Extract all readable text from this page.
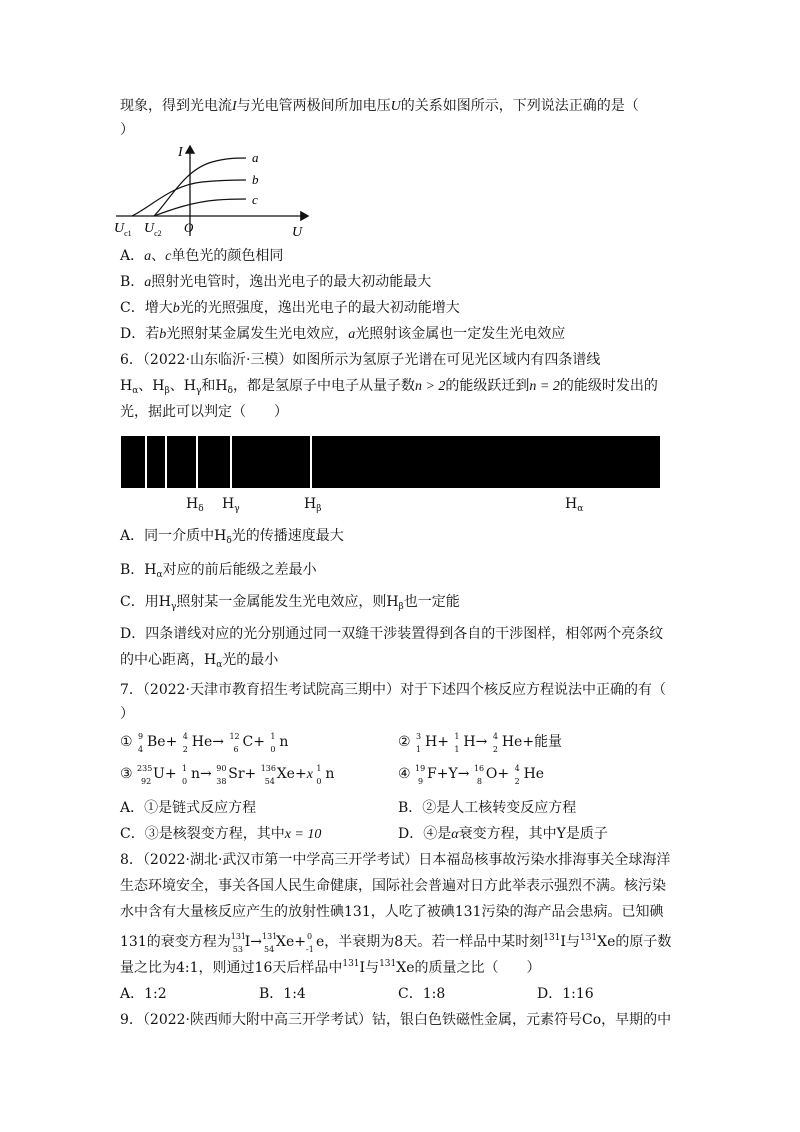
现象，得到光电流I与光电管两极间所加电压U的关系如图所示，下列说法正确的是（
）
I
U
a
b
c
O
$U_{c1}$ $U_{c2}$
A．a、c单色光的颜色相同
B．a照射光电管时，逸出光电子的最大初动能最大
C．增大b光的光照强度，逸出光电子的最大初动能增大
D．若b光照射某金属发生光电效应，a光照射该金属也一定发生光电效应
6．（2022·山东临沂·三模）如图所示为氢原子光谱在可见光区域内有四条谱线
$H_\alpha$、$H_\beta$、$H_\gamma$和$H_\delta$，都是氢原子中电子从量子数n > 2的能级跃迁到n = 2的能级时发出的
光，据此可以判定（　　）
$H_\delta$ $H_\gamma$	$H_\beta$	$H_\alpha$
A．同一介质中$H_\delta$光的传播速度最大
B．$H_\alpha$对应的前后能级之差最小
C．用$H_\gamma$照射某一金属能发生光电效应，则$H_\beta$也一定能
D．四条谱线对应的光分别通过同一双缝干涉装置得到各自的干涉图样，相邻两个亮条纹
的中心距离，$H_\alpha$光的最小
7．（2022·天津市教育招生考试院高三期中）对于下述四个核反应方程说法中正确的有（
）
① 9
4 Be+ 4
2 He→ 12
6 C+ 1
0 n	② 3
1 H+ 1
1 H→ 4
2 He+能量
③ 235
92 U+ 1
0 n→ 90
38 Sr+ 136
54 Xe+x 1
0 n	④ 19
9 F+Y→ 16
8 O+ 4
2 He
A．①是链式反应方程	B．②是人工核转变反应方程
C．③是核裂变方程，其中x = 10	D．④是α衰变方程，其中Y是质子
8．（2022·湖北·武汉市第一中学高三开学考试）日本福岛核事故污染水排海事关全球海洋
生态环境安全，事关各国人民生命健康，国际社会普遍对日方此举表示强烈不满。核污染
水中含有大量核反应产生的放射性碘131，人吃了被碘131污染的海产品会患病。已知碘
131的衰变方程为 131
53 I→ 131
54 Xe+ 0
-1 e，半衰期为8天。若一样品中某时刻$^{131}$I与$^{131}$Xe的原子数
量之比为4:1，则通过16天后样品中$^{131}$I与$^{131}$Xe的质量之比（　　）
A．1:2	B．1:4	C．1:8	D．1:16
9．（2022·陕西师大附中高三开学考试）钴，银白色铁磁性金属，元素符号Co，早期的中
